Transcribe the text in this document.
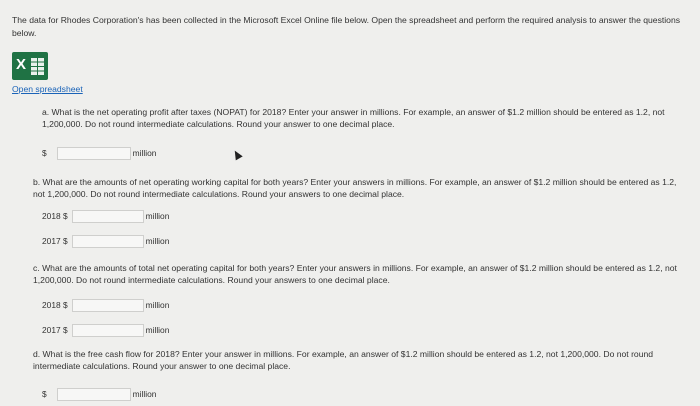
The data for Rhodes Corporation's has been collected in the Microsoft Excel Online file below. Open the spreadsheet and perform the required analysis to answer the questions below.
X
Open spreadsheet
a. What is the net operating profit after taxes (NOPAT) for 2018? Enter your answer in millions. For example, an answer of $1.2 million should be entered as 1.2, not 1,200,000. Do not round intermediate calculations. Round your answer to one decimal place.
$	million
b. What are the amounts of net operating working capital for both years? Enter your answers in millions. For example, an answer of $1.2 million should be entered as 1.2, not 1,200,000. Do not round intermediate calculations. Round your answers to one decimal place.
2018 $	million
2017 $	million
c. What are the amounts of total net operating capital for both years? Enter your answers in millions. For example, an answer of $1.2 million should be entered as 1.2, not 1,200,000. Do not round intermediate calculations. Round your answers to one decimal place.
2018 $	million
2017 $	million
d. What is the free cash flow for 2018? Enter your answer in millions. For example, an answer of $1.2 million should be entered as 1.2, not 1,200,000. Do not round intermediate calculations. Round your answer to one decimal place.
$	million
